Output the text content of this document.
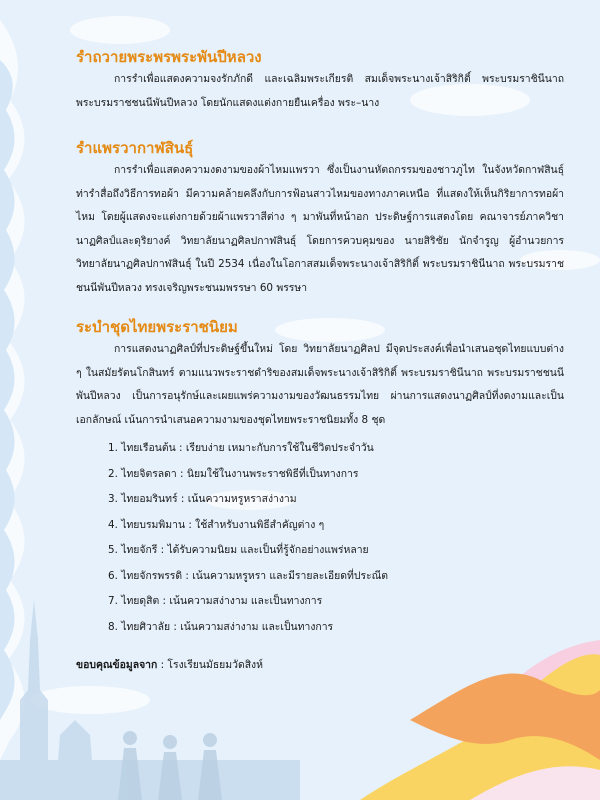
รำถวายพระพรพระพันปีหลวง

การรำเพื่อแสดงความจงรักภักดี และเฉลิมพระเกียรติ สมเด็จพระนางเจ้าสิริกิติ์ พระบรมราชินีนาถ พระบรมราชชนนีพันปีหลวง โดยนักแสดงแต่งกายยืนเครื่อง พระ–นาง

รำแพรวากาฬสินธุ์

การรำเพื่อแสดงความงดงามของผ้าไหมแพรวา ซึ่งเป็นงานหัตถกรรมของชาวภูไท ในจังหวัดกาฬสินธุ์ ท่ารำสื่อถึงวิธีการทอผ้า มีความคล้ายคลึงกับการฟ้อนสาวไหมของทางภาคเหนือ ที่แสดงให้เห็นกิริยาการทอผ้าไหม โดยผู้แสดงจะแต่งกายด้วยผ้าแพรวาสีต่าง ๆ มาพันที่หน้าอก ประดิษฐ์การแสดงโดย คณาจารย์ภาควิชานาฏศิลป์และดุริยางค์ วิทยาลัยนาฏศิลปกาฬสินธุ์ โดยการควบคุมของ นายสิริชัย นักจำรูญ ผู้อำนวยการวิทยาลัยนาฏศิลปกาฬสินธุ์ ในปี 2534 เนื่องในโอกาสสมเด็จพระนางเจ้าสิริกิติ์ พระบรมราชินีนาถ พระบรมราชชนนีพันปีหลวง ทรงเจริญพระชนมพรรษา 60 พรรษา

ระบำชุดไทยพระราชนิยม

การแสดงนาฏศิลป์ที่ประดิษฐ์ขึ้นใหม่ โดย วิทยาลัยนาฏศิลป มีจุดประสงค์เพื่อนำเสนอชุดไทยแบบต่าง ๆ ในสมัยรัตนโกสินทร์ ตามแนวพระราชดำริของสมเด็จพระนางเจ้าสิริกิติ์ พระบรมราชินีนาถ พระบรมราชชนนีพันปีหลวง เป็นการอนุรักษ์และเผยแพร่ความงามของวัฒนธรรมไทย ผ่านการแสดงนาฏศิลป์ที่งดงามและเป็นเอกลักษณ์ เน้นการนำเสนอความงามของชุดไทยพระราชนิยมทั้ง 8 ชุด

1. ไทยเรือนต้น : เรียบง่าย เหมาะกับการใช้ในชีวิตประจำวัน
2. ไทยจิตรลดา : นิยมใช้ในงานพระราชพิธีที่เป็นทางการ
3. ไทยอมรินทร์ : เน้นความหรูหราสง่างาม
4. ไทยบรมพิมาน : ใช้สำหรับงานพิธีสำคัญต่าง ๆ
5. ไทยจักรี : ได้รับความนิยม และเป็นที่รู้จักอย่างแพร่หลาย
6. ไทยจักรพรรดิ : เน้นความหรูหรา และมีรายละเอียดที่ประณีต
7. ไทยดุสิต : เน้นความสง่างาม และเป็นทางการ
8. ไทยศิวาลัย : เน้นความสง่างาม และเป็นทางการ
ขอบคุณข้อมูลจาก : โรงเรียนมัธยมวัดสิงห์
